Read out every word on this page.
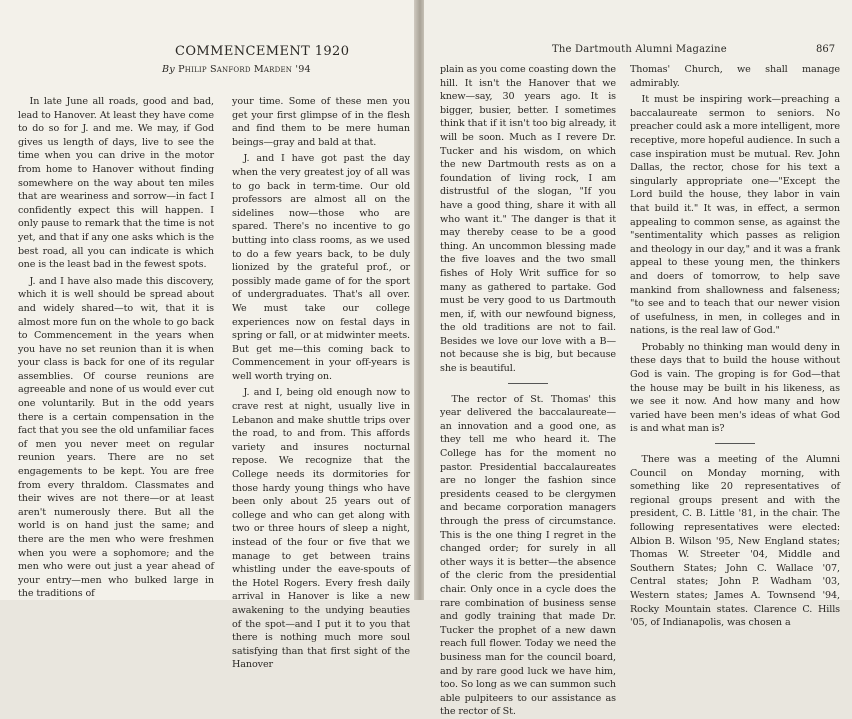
COMMENCEMENT 1920
By Philip Sanford Marden '94

In late June all roads, good and bad, lead to Hanover. At least they have come to do so for J. and me. We may, if God gives us length of days, live to see the time when you can drive in the motor from home to Hanover without finding somewhere on the way about ten miles that are weariness and sorrow—in fact I confidently expect this will happen. I only pause to remark that the time is not yet, and that if any one asks which is the best road, all you can indicate is which one is the least bad in the fewest spots.

J. and I have also made this discovery, which it is well should be spread about and widely shared—to wit, that it is almost more fun on the whole to go back to Commencement in the years when you have no set reunion than it is when your class is back for one of its regular assemblies. Of course reunions are agreeable and none of us would ever cut one voluntarily. But in the odd years there is a certain compensation in the fact that you see the old unfamiliar faces of men you never meet on regular reunion years. There are no set engagements to be kept. You are free from every thraldom. Classmates and their wives are not there—or at least aren't numerously there. But all the world is on hand just the same; and there are the men who were freshmen when you were a sophomore; and the men who were out just a year ahead of your entry—men who bulked large in the traditions of

your time. Some of these men you get your first glimpse of in the flesh and find them to be mere human beings—gray and bald at that.

J. and I have got past the day when the very greatest joy of all was to go back in term-time. Our old professors are almost all on the sidelines now—those who are spared. There's no incentive to go butting into class rooms, as we used to do a few years back, to be duly lionized by the grateful prof., or possibly made game of for the sport of undergraduates. That's all over. We must take our college experiences now on festal days in spring or fall, or at midwinter meets. But get me—this coming back to Commencement in your off-years is well worth trying on.

J. and I, being old enough now to crave rest at night, usually live in Lebanon and make shuttle trips over the road, to and from. This affords variety and insures nocturnal repose. We recognize that the College needs its dormitories for those hardy young things who have been only about 25 years out of college and who can get along with two or three hours of sleep a night, instead of the four or five that we manage to get between trains whistling under the eave-spouts of the Hotel Rogers. Every fresh daily arrival in Hanover is like a new awakening to the undying beauties of the spot—and I put it to you that there is nothing much more soul satisfying than that first sight of the Hanover

The Dartmouth Alumni Magazine	867

plain as you come coasting down the hill. It isn't the Hanover that we knew—say, 30 years ago. It is bigger, busier, better. I sometimes think that if it isn't too big already, it will be soon. Much as I revere Dr. Tucker and his wisdom, on which the new Dartmouth rests as on a foundation of living rock, I am distrustful of the slogan, "If you have a good thing, share it with all who want it." The danger is that it may thereby cease to be a good thing. An uncommon blessing made the five loaves and the two small fishes of Holy Writ suffice for so many as gathered to partake. God must be very good to us Dartmouth men, if, with our newfound bigness, the old traditions are not to fail. Besides we love our love with a B—not because she is big, but because she is beautiful.

The rector of St. Thomas' this year delivered the baccalaureate—an innovation and a good one, as they tell me who heard it. The College has for the moment no pastor. Presidential baccalaureates are no longer the fashion since presidents ceased to be clergymen and became corporation managers through the press of circumstance. This is the one thing I regret in the changed order; for surely in all other ways it is better—the absence of the cleric from the presidential chair. Only once in a cycle does the rare combination of business sense and godly training that made Dr. Tucker the prophet of a new dawn reach full flower. Today we need the business man for the council board, and by rare good luck we have him, too. So long as we can summon such able pulpiteers to our assistance as the rector of St.

Thomas' Church, we shall manage admirably.

It must be inspiring work—preaching a baccalaureate sermon to seniors. No preacher could ask a more intelligent, more receptive, more hopeful audience. In such a case inspiration must be mutual. Rev. John Dallas, the rector, chose for his text a singularly appropriate one—"Except the Lord build the house, they labor in vain that build it." It was, in effect, a sermon appealing to common sense, as against the "sentimentality which passes as religion and theology in our day," and it was a frank appeal to these young men, the thinkers and doers of tomorrow, to help save mankind from shallowness and falseness; "to see and to teach that our newer vision of usefulness, in men, in colleges and in nations, is the real law of God."

Probably no thinking man would deny in these days that to build the house without God is vain. The groping is for God—that the house may be built in his likeness, as we see it now. And how many and how varied have been men's ideas of what God is and what man is?

There was a meeting of the Alumni Council on Monday morning, with something like 20 representatives of regional groups present and with the president, C. B. Little '81, in the chair. The following representatives were elected: Albion B. Wilson '95, New England states; Thomas W. Streeter '04, Middle and Southern States; John C. Wallace '07, Central states; John P. Wadham '03, Western states; James A. Townsend '94, Rocky Mountain states. Clarence C. Hills '05, of Indianapolis, was chosen a
